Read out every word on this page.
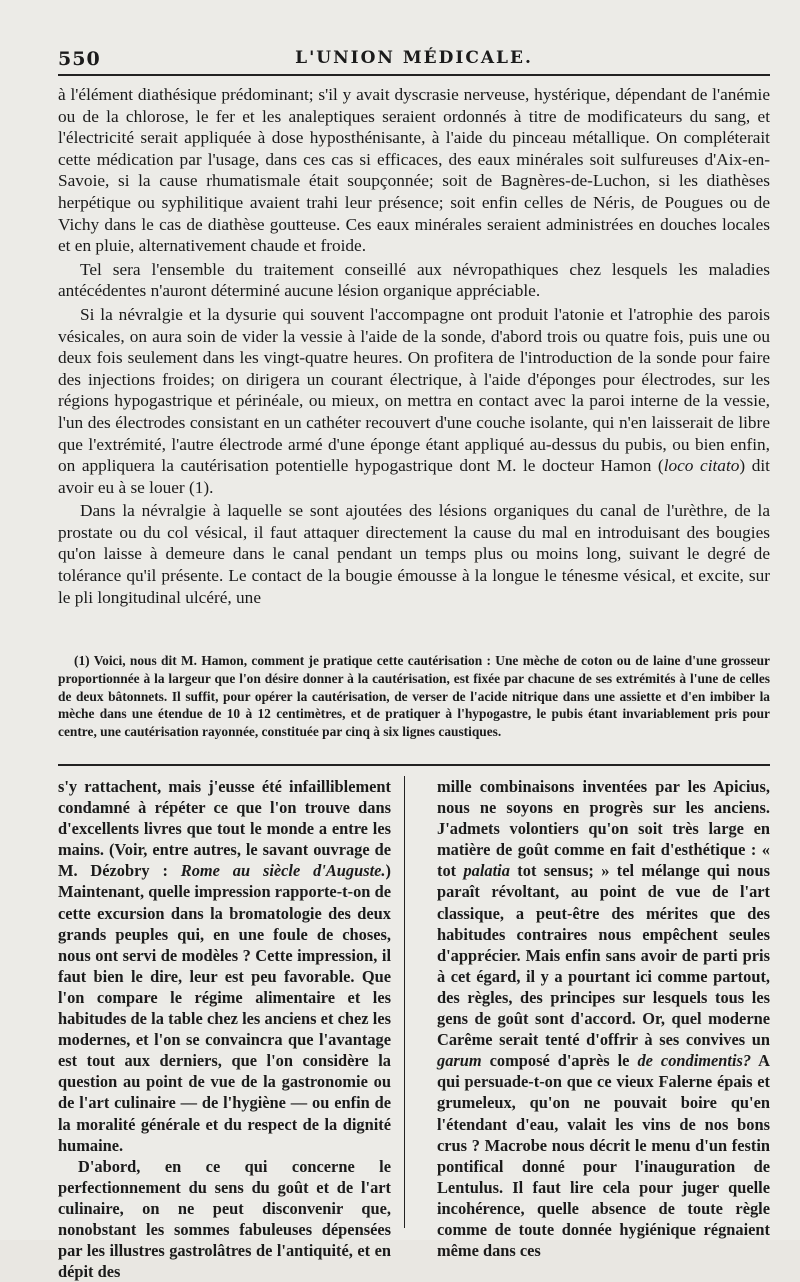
550	L'UNION MÉDICALE.

à l'élément diathésique prédominant; s'il y avait dyscrasie nerveuse, hystérique, dépendant de l'anémie ou de la chlorose, le fer et les analeptiques seraient ordonnés à titre de modificateurs du sang, et l'électricité serait appliquée à dose hyposthénisante, à l'aide du pinceau métallique. On compléterait cette médication par l'usage, dans ces cas si efficaces, des eaux minérales soit sulfureuses d'Aix-en-Savoie, si la cause rhumatismale était soupçonnée; soit de Bagnères-de-Luchon, si les diathèses herpétique ou syphilitique avaient trahi leur présence; soit enfin celles de Néris, de Pougues ou de Vichy dans le cas de diathèse goutteuse. Ces eaux minérales seraient administrées en douches locales et en pluie, alternativement chaude et froide.

Tel sera l'ensemble du traitement conseillé aux névropathiques chez lesquels les maladies antécédentes n'auront déterminé aucune lésion organique appréciable.

Si la névralgie et la dysurie qui souvent l'accompagne ont produit l'atonie et l'atrophie des parois vésicales, on aura soin de vider la vessie à l'aide de la sonde, d'abord trois ou quatre fois, puis une ou deux fois seulement dans les vingt-quatre heures. On profitera de l'introduction de la sonde pour faire des injections froides; on dirigera un courant électrique, à l'aide d'éponges pour électrodes, sur les régions hypogastrique et périnéale, ou mieux, on mettra en contact avec la paroi interne de la vessie, l'un des électrodes consistant en un cathéter recouvert d'une couche isolante, qui n'en laisserait de libre que l'extrémité, l'autre électrode armé d'une éponge étant appliqué au-dessus du pubis, ou bien enfin, on appliquera la cautérisation potentielle hypogastrique dont M. le docteur Hamon (loco citato) dit avoir eu à se louer (1).

Dans la névralgie à laquelle se sont ajoutées des lésions organiques du canal de l'urèthre, de la prostate ou du col vésical, il faut attaquer directement la cause du mal en introduisant des bougies qu'on laisse à demeure dans le canal pendant un temps plus ou moins long, suivant le degré de tolérance qu'il présente. Le contact de la bougie émousse à la longue le ténesme vésical, et excite, sur le pli longitudinal ulcéré, une

(1) Voici, nous dit M. Hamon, comment je pratique cette cautérisation : Une mèche de coton ou de laine d'une grosseur proportionnée à la largeur que l'on désire donner à la cautérisation, est fixée par chacune de ses extrémités à l'une de celles de deux bâtonnets. Il suffit, pour opérer la cautérisation, de verser de l'acide nitrique dans une assiette et d'en imbiber la mèche dans une étendue de 10 à 12 centimètres, et de pratiquer à l'hypogastre, le pubis étant invariablement pris pour centre, une cautérisation rayonnée, constituée par cinq à six lignes caustiques.

s'y rattachent, mais j'eusse été infailliblement condamné à répéter ce que l'on trouve dans d'excellents livres que tout le monde a entre les mains. (Voir, entre autres, le savant ouvrage de M. Dézobry : Rome au siècle d'Auguste.) Maintenant, quelle impression rapporte-t-on de cette excursion dans la bromatologie des deux grands peuples qui, en une foule de choses, nous ont servi de modèles ? Cette impression, il faut bien le dire, leur est peu favorable. Que l'on compare le régime alimentaire et les habitudes de la table chez les anciens et chez les modernes, et l'on se convaincra que l'avantage est tout aux derniers, que l'on considère la question au point de vue de la gastronomie ou de l'art culinaire — de l'hygiène — ou enfin de la moralité générale et du respect de la dignité humaine.

D'abord, en ce qui concerne le perfectionnement du sens du goût et de l'art culinaire, on ne peut disconvenir que, nonobstant les sommes fabuleuses dépensées par les illustres gastrolâtres de l'antiquité, et en dépit des

mille combinaisons inventées par les Apicius, nous ne soyons en progrès sur les anciens. J'admets volontiers qu'on soit très large en matière de goût comme en fait d'esthétique : « tot palatia tot sensus; » tel mélange qui nous paraît révoltant, au point de vue de l'art classique, a peut-être des mérites que des habitudes contraires nous empêchent seules d'apprécier. Mais enfin sans avoir de parti pris à cet égard, il y a pourtant ici comme partout, des règles, des principes sur lesquels tous les gens de goût sont d'accord. Or, quel moderne Carême serait tenté d'offrir à ses convives un garum composé d'après le de condimentis? A qui persuade-t-on que ce vieux Falerne épais et grumeleux, qu'on ne pouvait boire qu'en l'étendant d'eau, valait les vins de nos bons crus ? Macrobe nous décrit le menu d'un festin pontifical donné pour l'inauguration de Lentulus. Il faut lire cela pour juger quelle incohérence, quelle absence de toute règle comme de toute donnée hygiénique régnaient même dans ces
